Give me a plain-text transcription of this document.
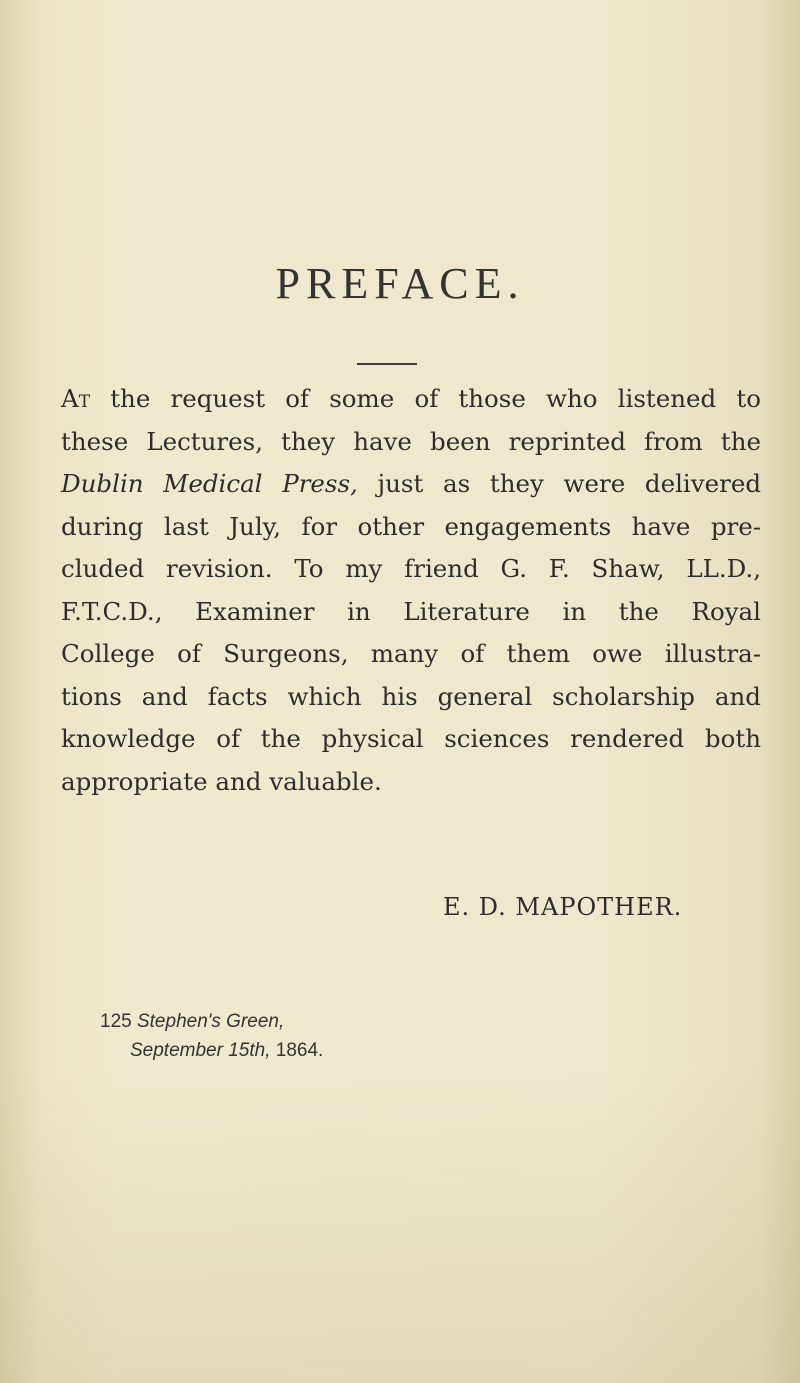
PREFACE.
At the request of some of those who listened to
these Lectures, they have been reprinted from the
Dublin Medical Press, just as they were delivered
during last July, for other engagements have pre-
cluded revision. To my friend G. F. Shaw, LL.D.,
F.T.C.D., Examiner in Literature in the Royal
College of Surgeons, many of them owe illustra-
tions and facts which his general scholarship and
knowledge of the physical sciences rendered both
appropriate and valuable.
E. D. MAPOTHER.
125 Stephen's Green,
September 15th, 1864.
